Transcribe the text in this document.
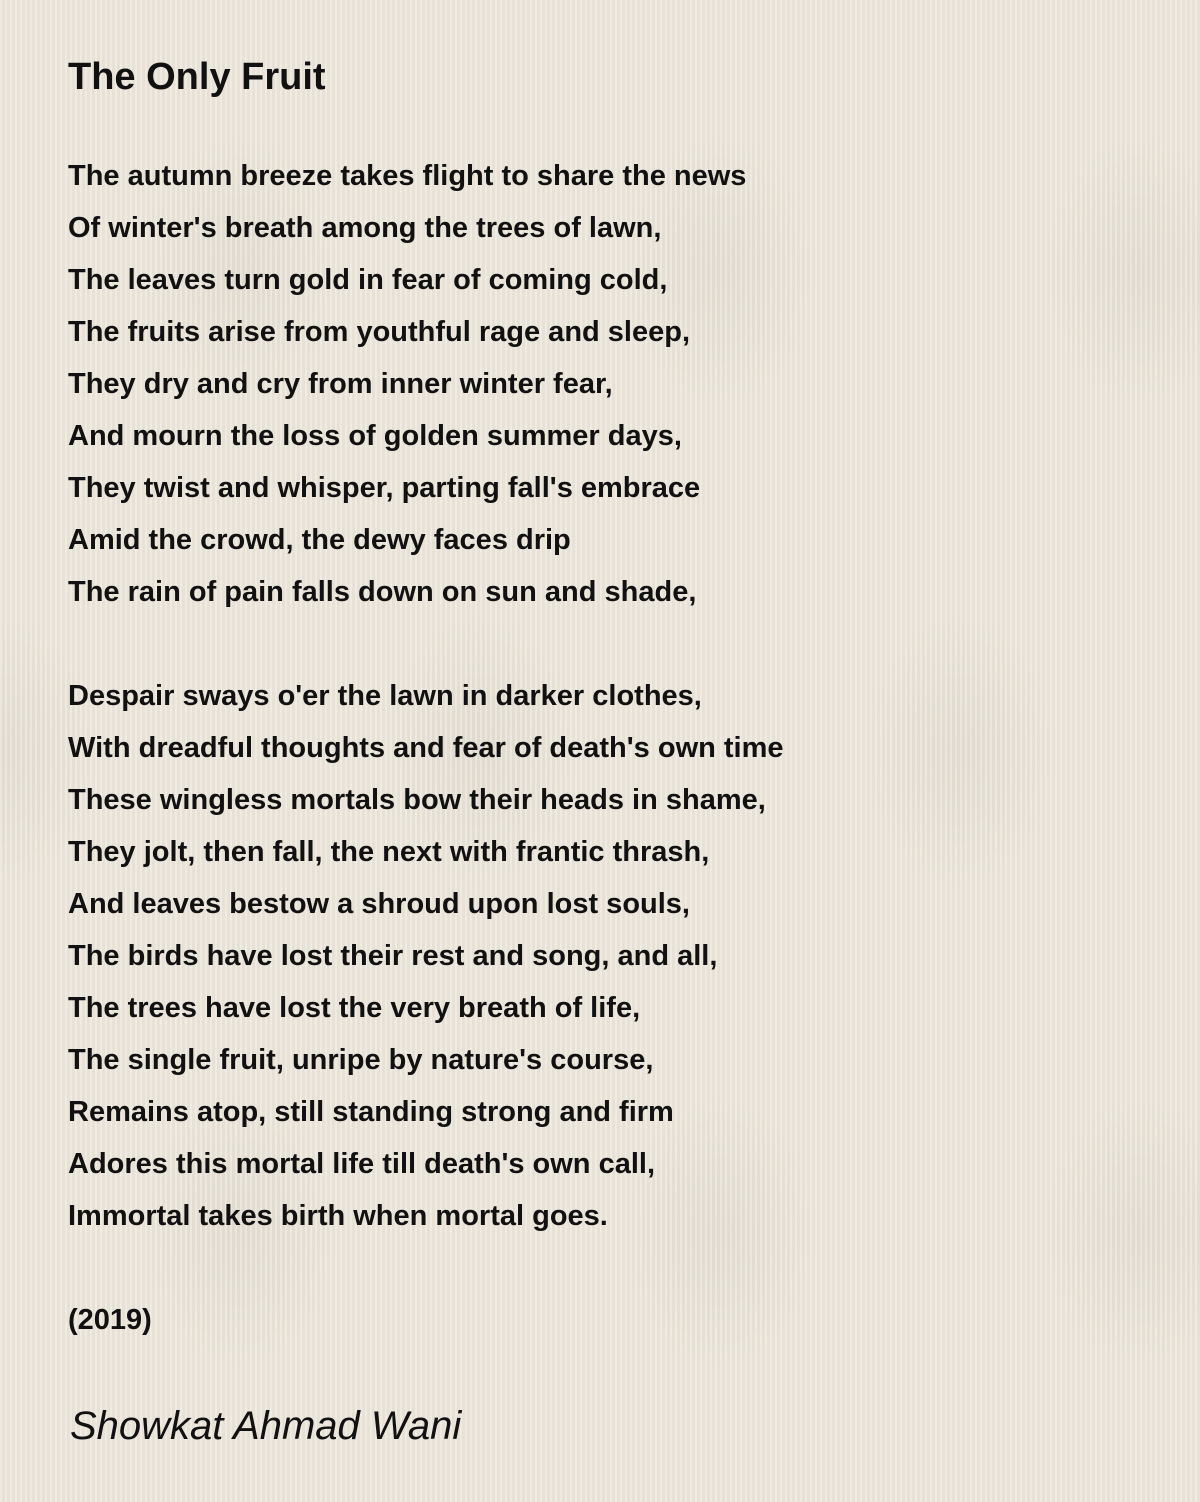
The Only Fruit
The autumn breeze takes flight to share the news
Of winter's breath among the trees of lawn,
The leaves turn gold in fear of coming cold,
The fruits arise from youthful rage and sleep,
They dry and cry from inner winter fear,
And mourn the loss of golden summer days,
They twist and whisper, parting fall's embrace
Amid the crowd, the dewy faces drip
The rain of pain falls down on sun and shade,
Despair sways o'er the lawn in darker clothes,
With dreadful thoughts and fear of death's own time
These wingless mortals bow their heads in shame,
They jolt, then fall, the next with frantic thrash,
And leaves bestow a shroud upon lost souls,
The birds have lost their rest and song, and all,
The trees have lost the very breath of life,
The single fruit, unripe by nature's course,
Remains atop, still standing strong and firm
Adores this mortal life till death's own call,
Immortal takes birth when mortal goes.
(2019)
Showkat Ahmad Wani
